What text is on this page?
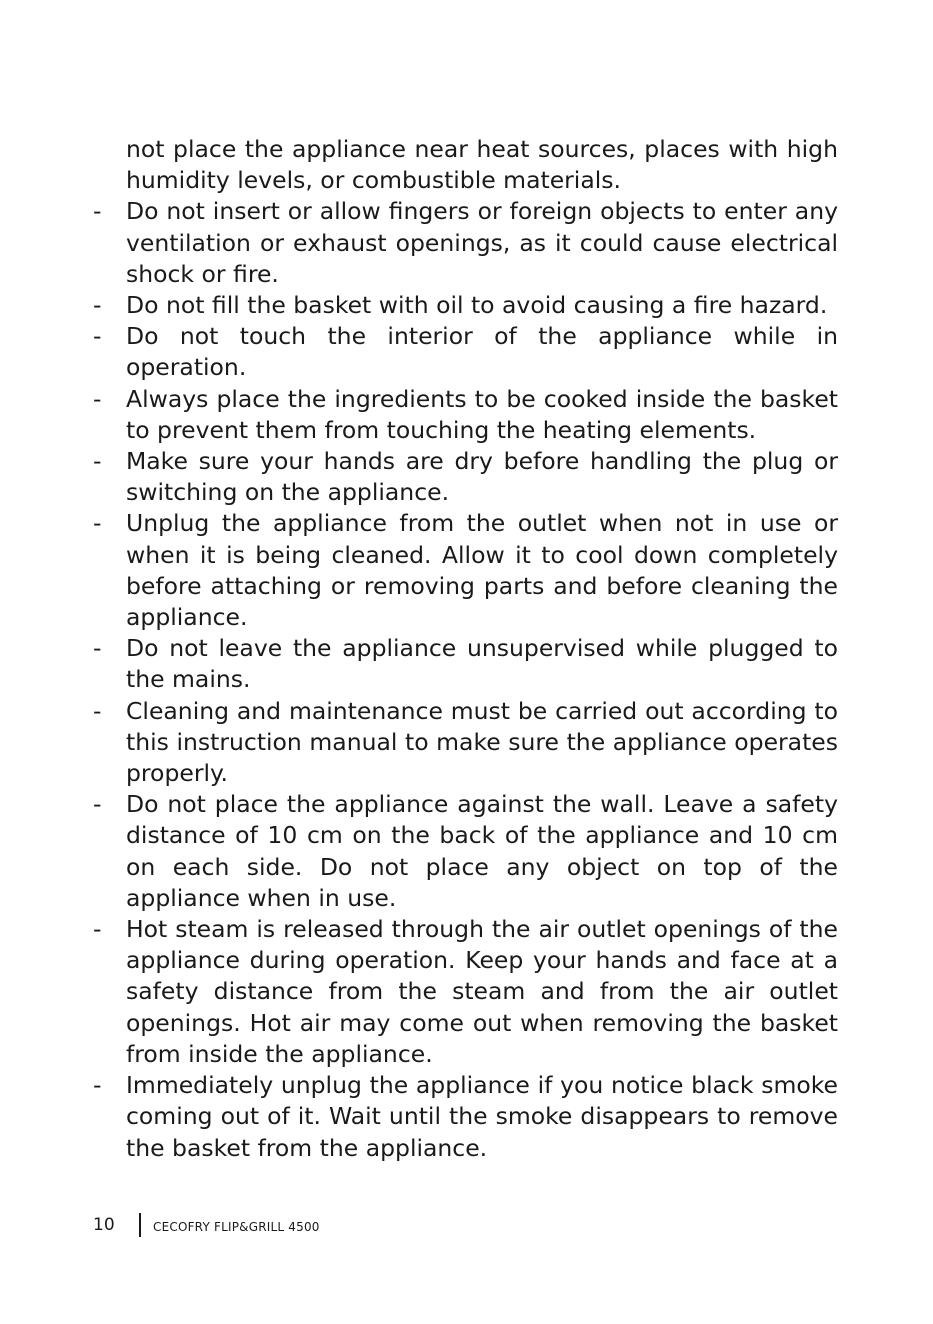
not place the appliance near heat sources, places with high humidity levels, or combustible materials.

- Do not insert or allow fingers or foreign objects to enter any ventilation or exhaust openings, as it could cause electrical shock or fire.
- Do not fill the basket with oil to avoid causing a fire hazard.
- Do not touch the interior of the appliance while in operation.
- Always place the ingredients to be cooked inside the basket to prevent them from touching the heating elements.
- Make sure your hands are dry before handling the plug or switching on the appliance.
- Unplug the appliance from the outlet when not in use or when it is being cleaned. Allow it to cool down completely before attaching or removing parts and before cleaning the appliance.
- Do not leave the appliance unsupervised while plugged to the mains.
- Cleaning and maintenance must be carried out according to this instruction manual to make sure the appliance operates properly.
- Do not place the appliance against the wall. Leave a safety distance of 10 cm on the back of the appliance and 10 cm on each side. Do not place any object on top of the appliance when in use.
- Hot steam is released through the air outlet openings of the appliance during operation. Keep your hands and face at a safety distance from the steam and from the air outlet openings. Hot air may come out when removing the basket from inside the appliance.
- Immediately unplug the appliance if you notice black smoke coming out of it. Wait until the smoke disappears to remove the basket from the appliance.
10	CECOFRY FLIP&GRILL 4500
